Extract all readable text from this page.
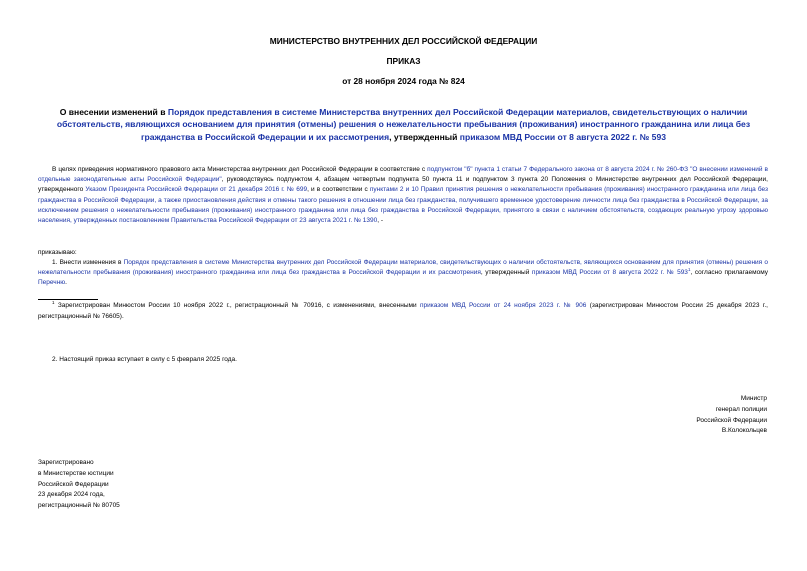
МИНИСТЕРСТВО ВНУТРЕННИХ ДЕЛ РОССИЙСКОЙ ФЕДЕРАЦИИ
ПРИКАЗ
от 28 ноября 2024 года № 824
О внесении изменений в Порядок представления в системе Министерства внутренних дел Российской Федерации материалов, свидетельствующих о наличии обстоятельств, являющихся основанием для принятия (отмены) решения о нежелательности пребывания (проживания) иностранного гражданина или лица без гражданства в Российской Федерации и их рассмотрения, утвержденный приказом МВД России от 8 августа 2022 г. № 593
В целях приведения нормативного правового акта Министерства внутренних дел Российской Федерации в соответствие с подпунктом "б" пункта 1 статьи 7 Федерального закона от 8 августа 2024 г. № 260-ФЗ "О внесении изменений в отдельные законодательные акты Российской Федерации", руководствуясь подпунктом 4, абзацем четвертым подпункта 50 пункта 11 и подпунктом 3 пункта 20 Положения о Министерстве внутренних дел Российской Федерации, утвержденного Указом Президента Российской Федерации от 21 декабря 2016 г. № 699, и в соответствии с пунктами 2 и 10 Правил принятия решения о нежелательности пребывания (проживания) иностранного гражданина или лица без гражданства в Российской Федерации, а также приостановления действия и отмены такого решения в отношении лица без гражданства, получившего временное удостоверение личности лица без гражданства в Российской Федерации, за исключением решения о нежелательности пребывания (проживания) иностранного гражданина или лица без гражданства в Российской Федерации, принятого в связи с наличием обстоятельств, создающих реальную угрозу здоровью населения, утвержденных постановлением Правительства Российской Федерации от 23 августа 2021 г. № 1390, -
приказываю:
1. Внести изменения в Порядок представления в системе Министерства внутренних дел Российской Федерации материалов, свидетельствующих о наличии обстоятельств, являющихся основанием для принятия (отмены) решения о нежелательности пребывания (проживания) иностранного гражданина или лица без гражданства в Российской Федерации и их рассмотрения, утвержденный приказом МВД России от 8 августа 2022 г. № $593^1$, согласно прилагаемому Перечню.
$^1$ Зарегистрирован Минюстом России 10 ноября 2022 г., регистрационный № 70916, с изменениями, внесенными приказом МВД России от 24 ноября 2023 г. № 906 (зарегистрирован Минюстом России 25 декабря 2023 г., регистрационный № 76605).
2. Настоящий приказ вступает в силу с 5 февраля 2025 года.
Министр
генерал полиции
Российской Федерации
В.Колокольцев
Зарегистрировано
в Министерстве юстиции
Российской Федерации
23 декабря 2024 года,
регистрационный № 80705
